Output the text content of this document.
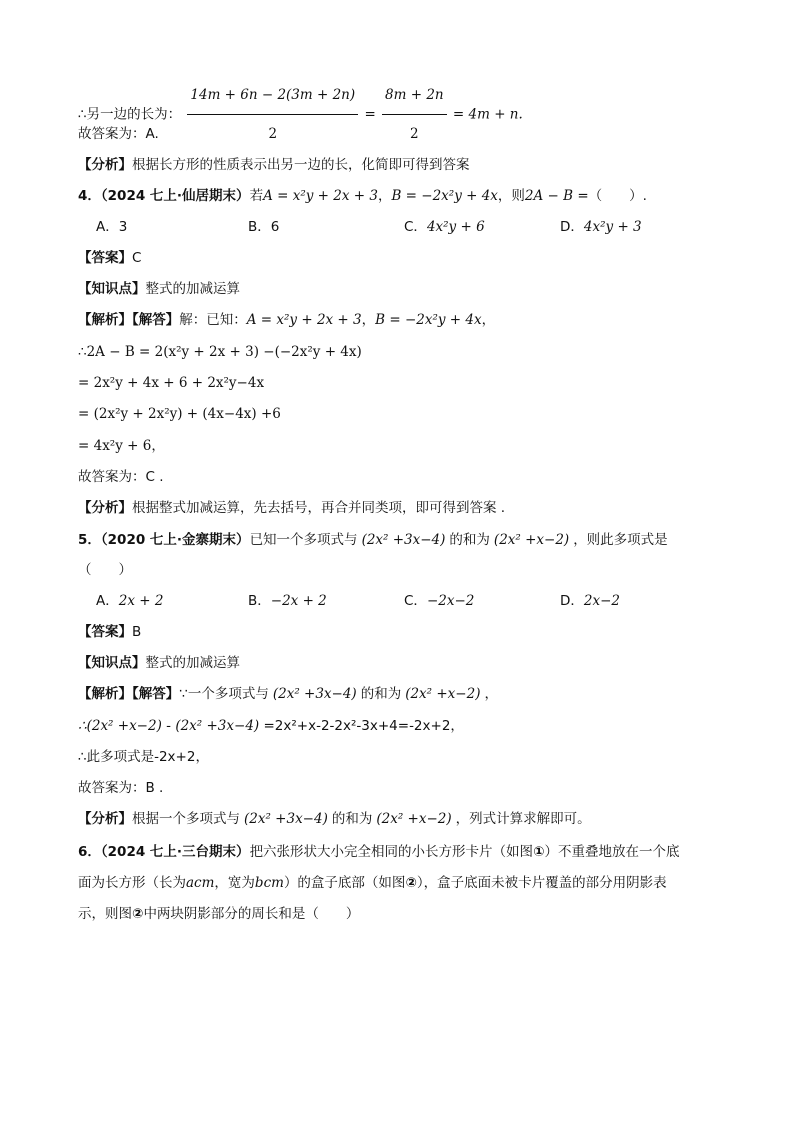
∴另一边的长为： $\frac{14m + 6n - 2(3m + 2n)}{2} = \frac{8m + 2n}{2} = 4m + n$.
故答案为：A.
【分析】根据长方形的性质表示出另一边的长，化简即可得到答案
4．（2024 七上·仙居期末）若A = x²y + 2x + 3，B = −2x²y + 4x，则2A − B =（　　）.
A．3	B．6	C．4x²y + 6	D．4x²y + 3
【答案】C
【知识点】整式的加减运算
【解析】【解答】解：已知：A = x²y + 2x + 3，B = −2x²y + 4x，
∴2A − B = 2(x²y + 2x + 3) −(−2x²y + 4x)
= 2x²y + 4x + 6 + 2x²y−4x
= (2x²y + 2x²y) + (4x−4x) +6
= 4x²y + 6，
故答案为：C .
【分析】根据整式加减运算，先去括号，再合并同类项，即可得到答案 .
5．（2020 七上·金寨期末）已知一个多项式与 (2x² +3x−4) 的和为 (2x² +x−2) ，则此多项式是
（　　）
A．2x + 2	B．−2x + 2	C．−2x−2	D．2x−2
【答案】B
【知识点】整式的加减运算
【解析】【解答】∵一个多项式与 (2x² +3x−4) 的和为 (2x² +x−2) ，
∴(2x² +x−2) - (2x² +3x−4) =2x²+x-2-2x²-3x+4=-2x+2，
∴此多项式是-2x+2，
故答案为：B .
【分析】根据一个多项式与 (2x² +3x−4) 的和为 (2x² +x−2) ，列式计算求解即可。
6．（2024 七上·三台期末）把六张形状大小完全相同的小长方形卡片（如图①）不重叠地放在一个底
面为长方形（长为acm，宽为bcm）的盒子底部（如图②），盒子底面未被卡片覆盖的部分用阴影表
示，则图②中两块阴影部分的周长和是（　　）
